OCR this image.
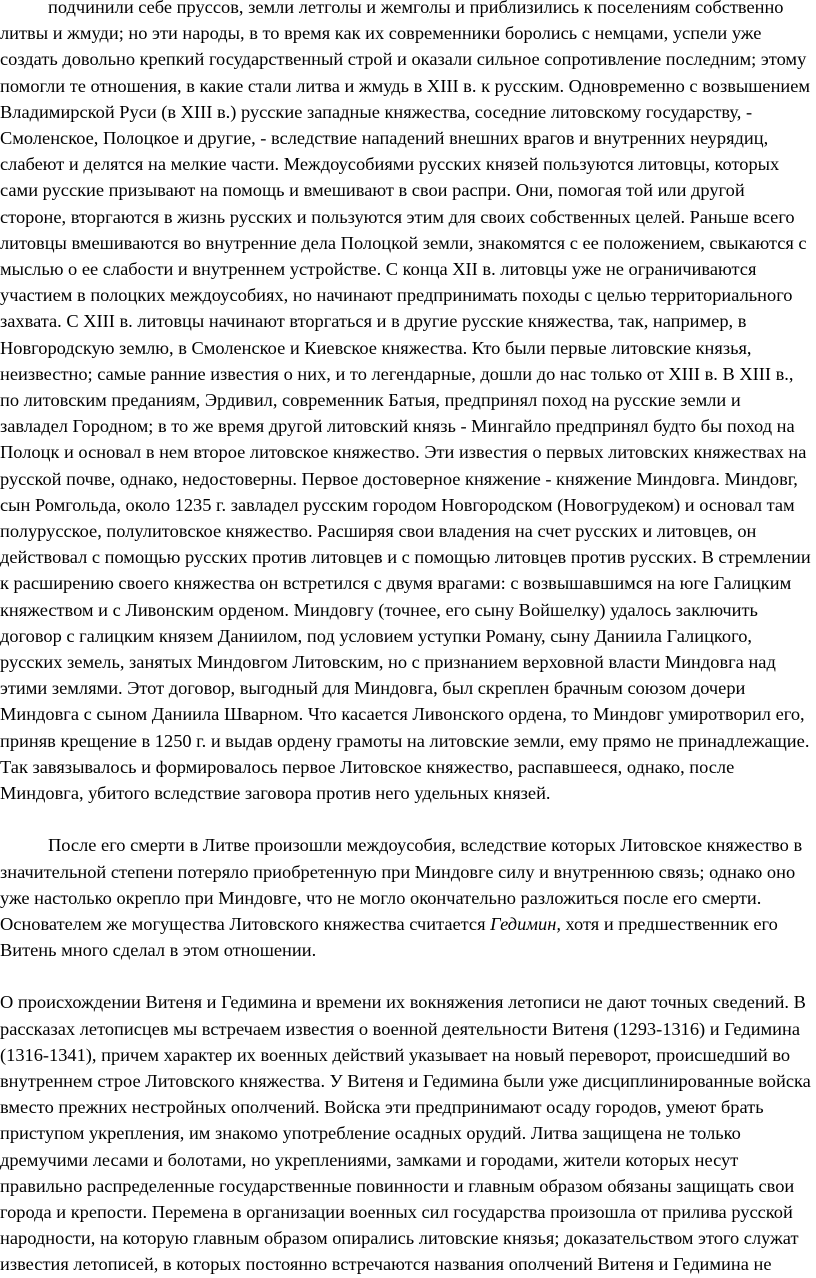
подчинили себе пруссов, земли летголы и жемголы и приблизились к поселениям собственно литвы и жмуди; но эти народы, в то время как их современники боролись с немцами, успели уже создать довольно крепкий государственный строй и оказали сильное сопротивление последним; этому помогли те отношения, в какие стали литва и жмудь в XIII в. к русским. Одновременно с возвышением Владимирской Руси (в XIII в.) русские западные княжества, соседние литовскому государству, - Смоленское, Полоцкое и другие, - вследствие нападений внешних врагов и внутренних неурядиц, слабеют и делятся на мелкие части. Междоусобиями русских князей пользуются литовцы, которых сами русские призывают на помощь и вмешивают в свои распри. Они, помогая той или другой стороне, вторгаются в жизнь русских и пользуются этим для своих собственных целей. Раньше всего литовцы вмешиваются во внутренние дела Полоцкой земли, знакомятся с ее положением, свыкаются с мыслью о ее слабости и внутреннем устройстве. С конца XII в. литовцы уже не ограничиваются участием в полоцких междоусобиях, но начинают предпринимать походы с целью территориального захвата. С XIII в. литовцы начинают вторгаться и в другие русские княжества, так, например, в Новгородскую землю, в Смоленское и Киевское княжества. Кто были первые литовские князья, неизвестно; самые ранние известия о них, и то легендарные, дошли до нас только от XIII в. В XIII в., по литовским преданиям, Эрдивил, современник Батыя, предпринял поход на русские земли и завладел Городном; в то же время другой литовский князь - Мингайло предпринял будто бы поход на Полоцк и основал в нем второе литовское княжество. Эти известия о первых литовских княжествах на русской почве, однако, недостоверны. Первое достоверное княжение - княжение Миндовга. Миндовг, сын Ромгольда, около 1235 г. завладел русским городом Новгородском (Новогрудеком) и основал там полурусское, полулитовское княжество. Расширяя свои владения на счет русских и литовцев, он действовал с помощью русских против литовцев и с помощью литовцев против русских. В стремлении к расширению своего княжества он встретился с двумя врагами: с возвышавшимся на юге Галицким княжеством и с Ливонским орденом. Миндовгу (точнее, его сыну Войшелку) удалось заключить договор с галицким князем Даниилом, под условием уступки Роману, сыну Даниила Галицкого, русских земель, занятых Миндовгом Литовским, но с признанием верховной власти Миндовга над этими землями. Этот договор, выгодный для Миндовга, был скреплен брачным союзом дочери Миндовга с сыном Даниила Шварном. Что касается Ливонского ордена, то Миндовг умиротворил его, приняв крещение в 1250 г. и выдав ордену грамоты на литовские земли, ему прямо не принадлежащие. Так завязывалось и формировалось первое Литовское княжество, распавшееся, однако, после Миндовга, убитого вследствие заговора против него удельных князей.

После его смерти в Литве произошли междоусобия, вследствие которых Литовское княжество в значительной степени потеряло приобретенную при Миндовге силу и внутреннюю связь; однако оно уже настолько окрепло при Миндовге, что не могло окончательно разложиться после его смерти. Основателем же могущества Литовского княжества считается Гедимин, хотя и предшественник его Витень много сделал в этом отношении.

О происхождении Витеня и Гедимина и времени их вокняжения летописи не дают точных сведений. В рассказах летописцев мы встречаем известия о военной деятельности Витеня (1293-1316) и Гедимина (1316-1341), причем характер их военных действий указывает на новый переворот, происшедший во внутреннем строе Литовского княжества. У Витеня и Гедимина были уже дисциплинированные войска вместо прежних нестройных ополчений. Войска эти предпринимают осаду городов, умеют брать приступом укрепления, им знакомо употребление осадных орудий. Литва защищена не только дремучими лесами и болотами, но укреплениями, замками и городами, жители которых несут правильно распределенные государственные повинности и главным образом обязаны защищать свои города и крепости. Перемена в организации военных сил государства произошла от прилива русской народности, на которую главным образом опирались литовские князья; доказательством этого служат известия летописей, в которых постоянно встречаются названия ополчений Витеня и Гедимина не
